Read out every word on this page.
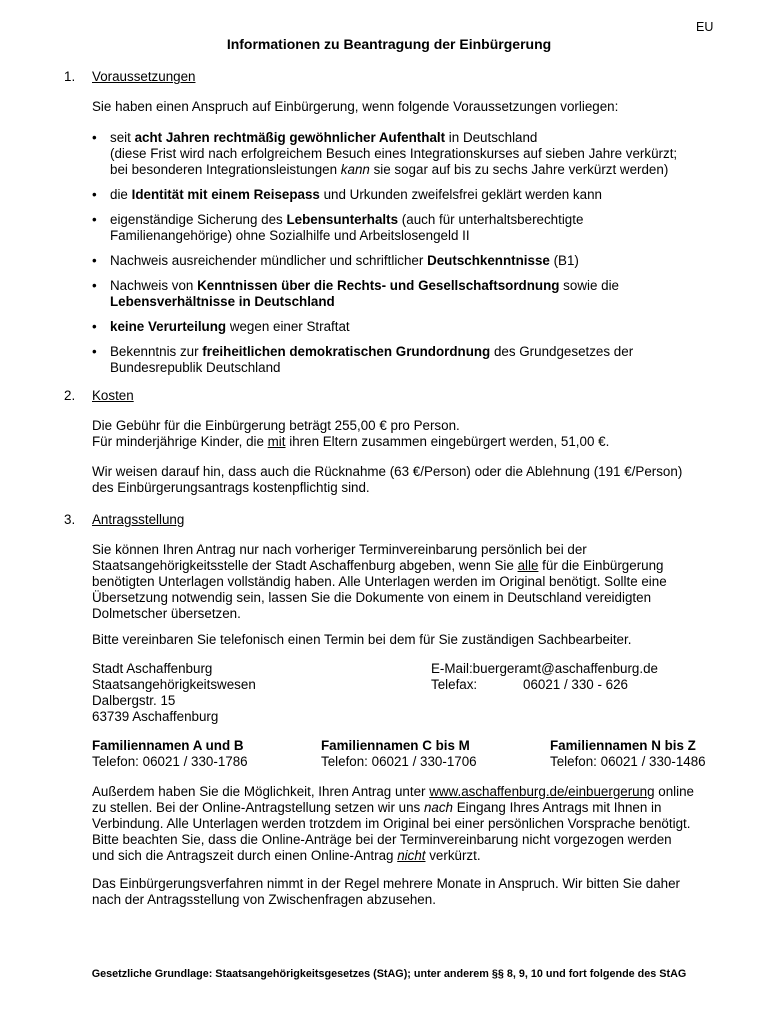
EU
Informationen zu Beantragung der Einbürgerung
1. Voraussetzungen
Sie haben einen Anspruch auf Einbürgerung, wenn folgende Voraussetzungen vorliegen:
• seit acht Jahren rechtmäßig gewöhnlicher Aufenthalt in Deutschland
(diese Frist wird nach erfolgreichem Besuch eines Integrationskurses auf sieben Jahre verkürzt;
bei besonderen Integrationsleistungen kann sie sogar auf bis zu sechs Jahre verkürzt werden)
• die Identität mit einem Reisepass und Urkunden zweifelsfrei geklärt werden kann
• eigenständige Sicherung des Lebensunterhalts (auch für unterhaltsberechtigte
Familienangehörige) ohne Sozialhilfe und Arbeitslosengeld II
• Nachweis ausreichender mündlicher und schriftlicher Deutschkenntnisse (B1)
• Nachweis von Kenntnissen über die Rechts- und Gesellschaftsordnung sowie die
Lebensverhältnisse in Deutschland
• keine Verurteilung wegen einer Straftat
• Bekenntnis zur freiheitlichen demokratischen Grundordnung des Grundgesetzes der
Bundesrepublik Deutschland
2. Kosten

Die Gebühr für die Einbürgerung beträgt 255,00 € pro Person.

Für minderjährige Kinder, die mit ihren Eltern zusammen eingebürgert werden, 51,00 €.

Wir weisen darauf hin, dass auch die Rücknahme (63 €/Person) oder die Ablehnung (191 €/Person)

des Einbürgerungsantrags kostenpflichtig sind.

3. Antragsstellung

Sie können Ihren Antrag nur nach vorheriger Terminvereinbarung persönlich bei der

Staatsangehörigkeitsstelle der Stadt Aschaffenburg abgeben, wenn Sie alle für die Einbürgerung

benötigten Unterlagen vollständig haben. Alle Unterlagen werden im Original benötigt. Sollte eine

Übersetzung notwendig sein, lassen Sie die Dokumente von einem in Deutschland vereidigten

Dolmetscher übersetzen.

Bitte vereinbaren Sie telefonisch einen Termin bei dem für Sie zuständigen Sachbearbeiter.
Stadt Aschaffenburg
Staatsangehörigkeitswesen
Dalbergstr. 15
63739 Aschaffenburg
E-Mail:buergeramt@aschaffenburg.de
Telefax:	06021 / 330 - 626
Familiennamen A und B
Telefon: 06021 / 330-1786
Familiennamen C bis M
Telefon: 06021 / 330-1706
Familiennamen N bis Z
Telefon: 06021 / 330-1486

Außerdem haben Sie die Möglichkeit, Ihren Antrag unter www.aschaffenburg.de/einbuergerung online

zu stellen. Bei der Online-Antragstellung setzen wir uns nach Eingang Ihres Antrags mit Ihnen in

Verbindung. Alle Unterlagen werden trotzdem im Original bei einer persönlichen Vorsprache benötigt.

Bitte beachten Sie, dass die Online-Anträge bei der Terminvereinbarung nicht vorgezogen werden

und sich die Antragszeit durch einen Online-Antrag nicht verkürzt.

Das Einbürgerungsverfahren nimmt in der Regel mehrere Monate in Anspruch. Wir bitten Sie daher

nach der Antragsstellung von Zwischenfragen abzusehen.

Gesetzliche Grundlage: Staatsangehörigkeitsgesetzes (StAG); unter anderem §§ 8, 9, 10 und fort folgende des StAG
